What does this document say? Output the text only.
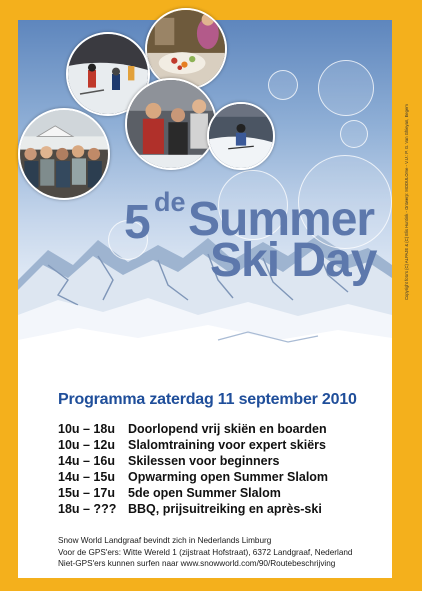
5 de Summer
Ski Day
Programma zaterdag 11 september 2010
10u – 18u	Doorlopend vrij skiën en boarden
10u – 12u	Slalomtraining voor expert skiërs
14u – 16u	Skilessen voor beginners
14u – 15u	Opwarming open Summer Slalom
15u – 17u	5de open Summer Slalom
18u – ??? BBQ, prijsuitreiking en après-ski
Snow World Landgraaf bevindt zich in Nederlands Limburg
Voor de GPS'ers: Witte Wereld 1 (zijstraat Hofstraat), 6372 Landgraaf, Nederland
Niet-GPS'ers kunnen surfen naar www.snowworld.com/90/Routebeschrijving
Copyright foto's (C) ALPAJE & (C) Elis Huntink - Ontwerp: MODULOme - V.U.: P. G. Van Ghieyan, Eegem
